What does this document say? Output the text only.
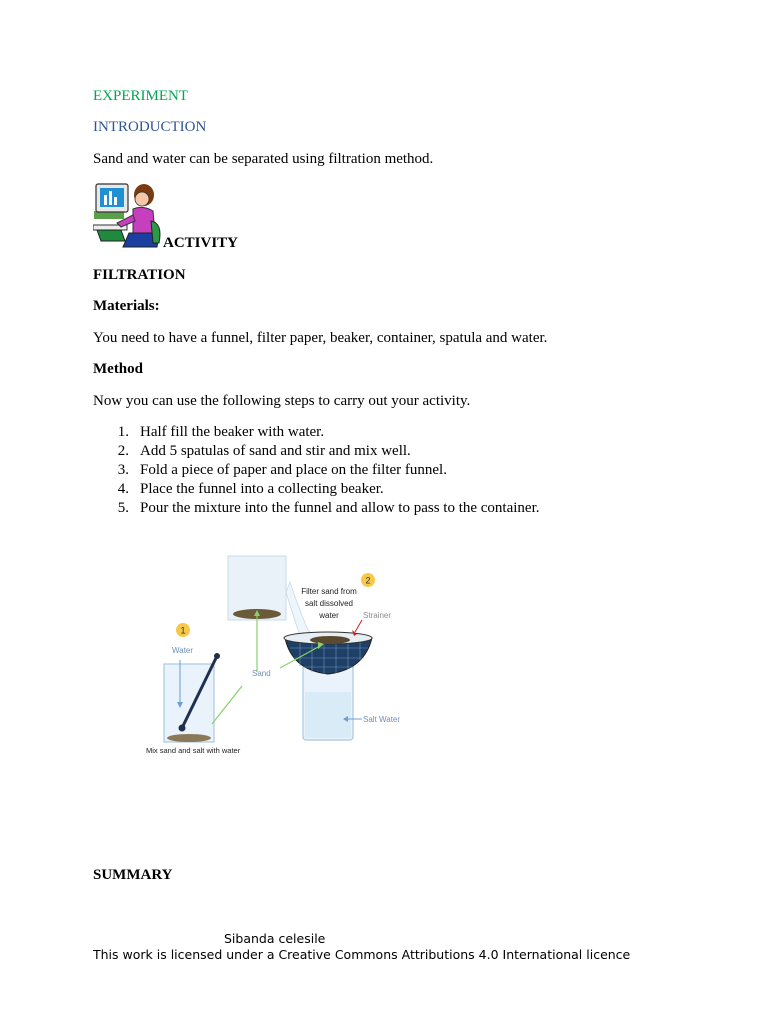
EXPERIMENT
INTRODUCTION
Sand and water can be separated using filtration method.
ACTIVITY
FILTRATION
Materials:
You need to have a funnel, filter paper, beaker, container, spatula and water.
Method
Now you can use the following steps to carry out your activity.
1. Half fill the beaker with water.
2. Add 5 spatulas of sand and stir and mix well.
3. Fold a piece of paper and place on the filter funnel.
4. Place the funnel into a collecting beaker.
5. Pour the mixture into the funnel and allow to pass to the container.
1
2
Water
Sand
Filter sand from
salt dissolved
water	Strainer
Salt Water
Mix sand and salt with water
SUMMARY
Sibanda celesile
This work is licensed under a Creative Commons Attributions 4.0 International licence
